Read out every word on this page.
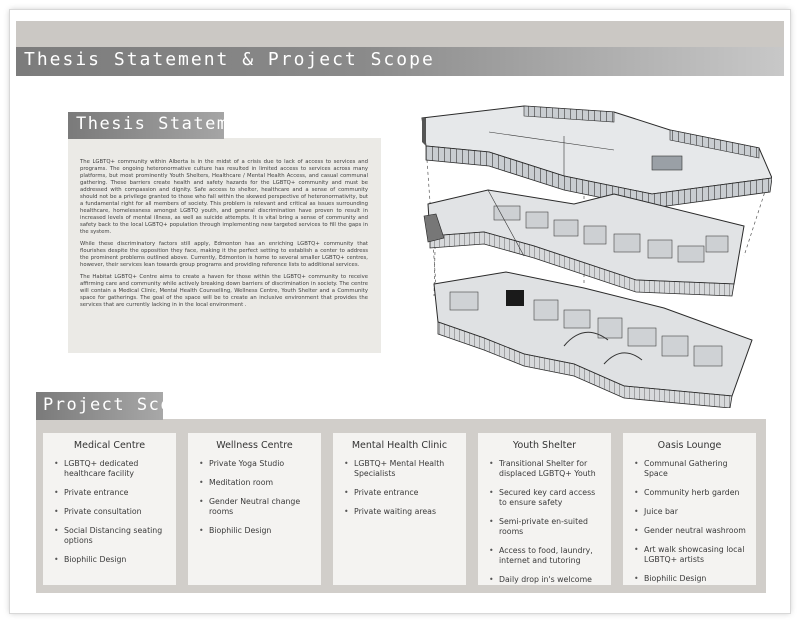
Thesis Statement & Project Scope
Thesis Statement

The LGBTQ+ community within Alberta is in the midst of a crisis due to lack of access to services and programs. The ongoing heteronormative culture has resulted in limited access to services across many platforms, but most prominently Youth Shelters, Healthcare / Mental Health Access, and casual communal gathering. These barriers create health and safety hazards for the LGBTQ+ community and must be addressed with compassion and dignity. Safe access to shelter, healthcare and a sense of community should not be a privilege granted to those who fall within the skewed perspective of heteronormativity, but a fundamental right for all members of society. This problem is relevant and critical as issues surrounding healthcare, homelessness amongst LGBTQ youth, and general discrimination have proven to result in increased levels of mental illness, as well as suicide attempts. It is vital bring a sense of community and safety back to the local LGBTQ+ population through implementing new targeted services to fill the gaps in the system.

While these discriminatory factors still apply, Edmonton has an enriching LGBTQ+ community that flourishes despite the opposition they face, making it the perfect setting to establish a center to address the prominent problems outlined above. Currently, Edmonton is home to several smaller LGBTQ+ centres, however, their services lean towards group programs and providing reference lists to additional services.

The Habitat LGBTQ+ Centre aims to create a haven for those within the LGBTQ+ community to receive affirming care and community while actively breaking down barriers of discrimination in society. The centre will contain a Medical Clinic, Mental Health Counselling, Wellness Centre, Youth Shelter and a Community space for gatherings. The goal of the space will be to create an inclusive environment that provides the services that are currently lacking in in the local environment .

Project Scope
Medical Centre
• LGBTQ+ dedicated healthcare facility
• Private entrance
• Private consultation
• Social Distancing seating options
• Biophilic Design
Wellness Centre
• Private Yoga Studio
• Meditation room
• Gender Neutral change rooms
• Biophilic Design
Mental Health Clinic
• LGBTQ+ Mental Health Specialists
• Private entrance
• Private waiting areas
Youth Shelter
• Transitional Shelter for displaced LGBTQ+ Youth
• Secured key card access to ensure safety
• Semi-private en-suited rooms
• Access to food, laundry, internet and tutoring
• Daily drop in's welcome
Oasis Lounge
• Communal Gathering Space
• Community herb garden
• Juice bar
• Gender neutral washroom
• Art walk showcasing local LGBTQ+ artists
• Biophilic Design
